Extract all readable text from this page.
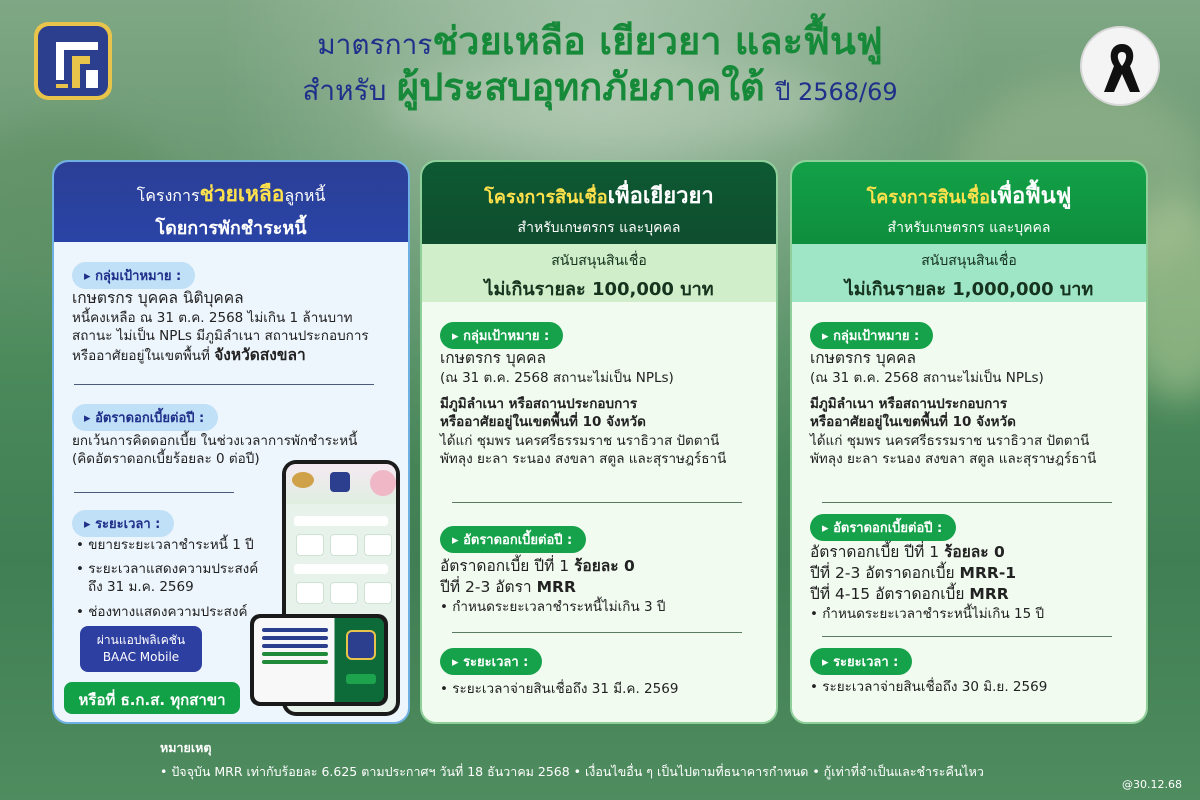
มาตรการช่วยเหลือ เยียวยา และฟื้นฟู
สำหรับ ผู้ประสบอุทกภัยภาคใต้ ปี 2568/69
โครงการช่วยเหลือลูกหนี้
โดยการพักชำระหนี้
▸ กลุ่มเป้าหมาย :
เกษตรกร บุคคล นิติบุคคล
หนี้คงเหลือ ณ 31 ต.ค. 2568 ไม่เกิน 1 ล้านบาท
สถานะ ไม่เป็น NPLs มีภูมิลำเนา สถานประกอบการ
หรืออาศัยอยู่ในเขตพื้นที่ จังหวัดสงขลา
▸ อัตราดอกเบี้ยต่อปี :
ยกเว้นการคิดดอกเบี้ย ในช่วงเวลาการพักชำระหนี้
(คิดอัตราดอกเบี้ยร้อยละ 0 ต่อปี)
▸ ระยะเวลา :
• ขยายระยะเวลาชำระหนี้ 1 ปี
• ระยะเวลาแสดงความประสงค์
ถึง 31 ม.ค. 2569
• ช่องทางแสดงความประสงค์
ผ่านแอปพลิเคชัน
BAAC Mobile
หรือที่ ธ.ก.ส. ทุกสาขา
โครงการสินเชื่อเพื่อเยียวยา
สำหรับเกษตรกร และบุคคล
สนับสนุนสินเชื่อ
ไม่เกินรายละ 100,000 บาท
▸ กลุ่มเป้าหมาย :
เกษตรกร บุคคล
(ณ 31 ต.ค. 2568 สถานะไม่เป็น NPLs)
มีภูมิลำเนา หรือสถานประกอบการ
หรืออาศัยอยู่ในเขตพื้นที่ 10 จังหวัด
ได้แก่ ชุมพร นครศรีธรรมราช นราธิวาส ปัตตานี
พัทลุง ยะลา ระนอง สงขลา สตูล และสุราษฎร์ธานี
▸ อัตราดอกเบี้ยต่อปี :
อัตราดอกเบี้ย ปีที่ 1 ร้อยละ 0
ปีที่ 2-3 อัตรา MRR
• กำหนดระยะเวลาชำระหนี้ไม่เกิน 3 ปี
▸ ระยะเวลา :
• ระยะเวลาจ่ายสินเชื่อถึง 31 มี.ค. 2569
โครงการสินเชื่อเพื่อฟื้นฟู
สำหรับเกษตรกร และบุคคล
สนับสนุนสินเชื่อ
ไม่เกินรายละ 1,000,000 บาท
▸ กลุ่มเป้าหมาย :
เกษตรกร บุคคล
(ณ 31 ต.ค. 2568 สถานะไม่เป็น NPLs)
มีภูมิลำเนา หรือสถานประกอบการ
หรืออาศัยอยู่ในเขตพื้นที่ 10 จังหวัด
ได้แก่ ชุมพร นครศรีธรรมราช นราธิวาส ปัตตานี
พัทลุง ยะลา ระนอง สงขลา สตูล และสุราษฎร์ธานี
▸ อัตราดอกเบี้ยต่อปี :
อัตราดอกเบี้ย ปีที่ 1 ร้อยละ 0
ปีที่ 2-3 อัตราดอกเบี้ย MRR-1
ปีที่ 4-15 อัตราดอกเบี้ย MRR
• กำหนดระยะเวลาชำระหนี้ไม่เกิน 15 ปี
▸ ระยะเวลา :
• ระยะเวลาจ่ายสินเชื่อถึง 30 มิ.ย. 2569
หมายเหตุ
• ปัจจุบัน MRR เท่ากับร้อยละ 6.625 ตามประกาศฯ วันที่ 18 ธันวาคม 2568 • เงื่อนไขอื่น ๆ เป็นไปตามที่ธนาคารกำหนด • กู้เท่าที่จำเป็นและชำระคืนไหว
@30.12.68
